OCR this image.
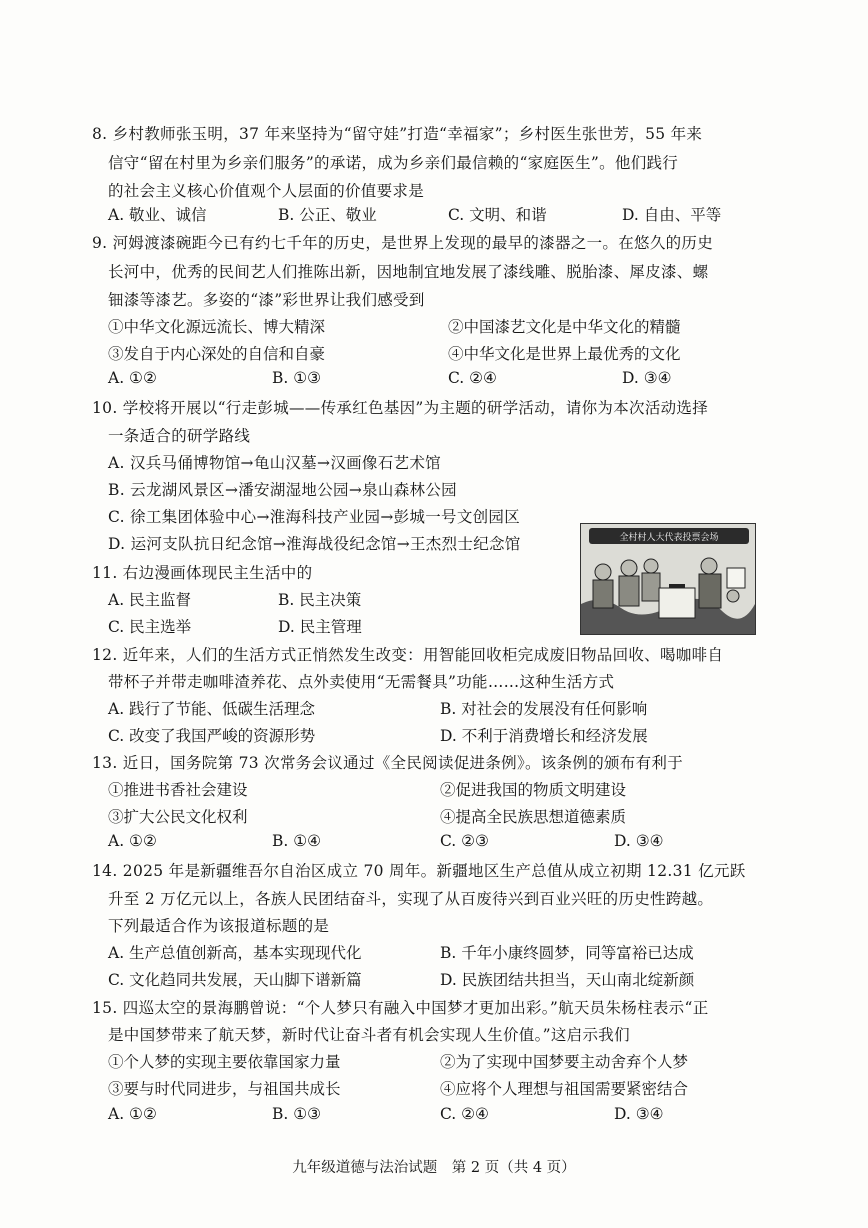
8. 乡村教师张玉明，37 年来坚持为“留守娃”打造“幸福家”；乡村医生张世芳，55 年来
信守“留在村里为乡亲们服务”的承诺，成为乡亲们最信赖的“家庭医生”。他们践行
的社会主义核心价值观个人层面的价值要求是
A. 敬业、诚信	B. 公正、敬业	C. 文明、和谐	D. 自由、平等
9. 河姆渡漆碗距今已有约七千年的历史，是世界上发现的最早的漆器之一。在悠久的历史
长河中，优秀的民间艺人们推陈出新，因地制宜地发展了漆线雕、脱胎漆、犀皮漆、螺
钿漆等漆艺。多姿的“漆”彩世界让我们感受到
①中华文化源远流长、博大精深	②中国漆艺文化是中华文化的精髓
③发自于内心深处的自信和自豪	④中华文化是世界上最优秀的文化
A. ①②	B. ①③	C. ②④	D. ③④
10. 学校将开展以“行走彭城——传承红色基因”为主题的研学活动，请你为本次活动选择
一条适合的研学路线
A. 汉兵马俑博物馆→龟山汉墓→汉画像石艺术馆
B. 云龙湖风景区→潘安湖湿地公园→泉山森林公园
C. 徐工集团体验中心→淮海科技产业园→彭城一号文创园区
D. 运河支队抗日纪念馆→淮海战役纪念馆→王杰烈士纪念馆	全村村人大代表投票会场
11. 右边漫画体现民主生活中的
A. 民主监督	B. 民主决策
C. 民主选举	D. 民主管理
12. 近年来，人们的生活方式正悄然发生改变：用智能回收柜完成废旧物品回收、喝咖啡自
带杯子并带走咖啡渣养花、点外卖使用“无需餐具”功能……这种生活方式
A. 践行了节能、低碳生活理念	B. 对社会的发展没有任何影响
C. 改变了我国严峻的资源形势	D. 不利于消费增长和经济发展
13. 近日，国务院第 73 次常务会议通过《全民阅读促进条例》。该条例的颁布有利于
①推进书香社会建设	②促进我国的物质文明建设
③扩大公民文化权利	④提高全民族思想道德素质
A. ①②	B. ①④	C. ②③	D. ③④
14. 2025 年是新疆维吾尔自治区成立 70 周年。新疆地区生产总值从成立初期 12.31 亿元跃
升至 2 万亿元以上，各族人民团结奋斗，实现了从百废待兴到百业兴旺的历史性跨越。
下列最适合作为该报道标题的是
A. 生产总值创新高，基本实现现代化	B. 千年小康终圆梦，同等富裕已达成
C. 文化趋同共发展，天山脚下谱新篇	D. 民族团结共担当，天山南北绽新颜
15. 四巡太空的景海鹏曾说：“个人梦只有融入中国梦才更加出彩。”航天员朱杨柱表示“正
是中国梦带来了航天梦，新时代让奋斗者有机会实现人生价值。”这启示我们
①个人梦的实现主要依靠国家力量	②为了实现中国梦要主动舍弃个人梦
③要与时代同进步，与祖国共成长	④应将个人理想与祖国需要紧密结合
A. ①②	B. ①③	C. ②④	D. ③④
九年级道德与法治试题　第 2 页（共 4 页）
